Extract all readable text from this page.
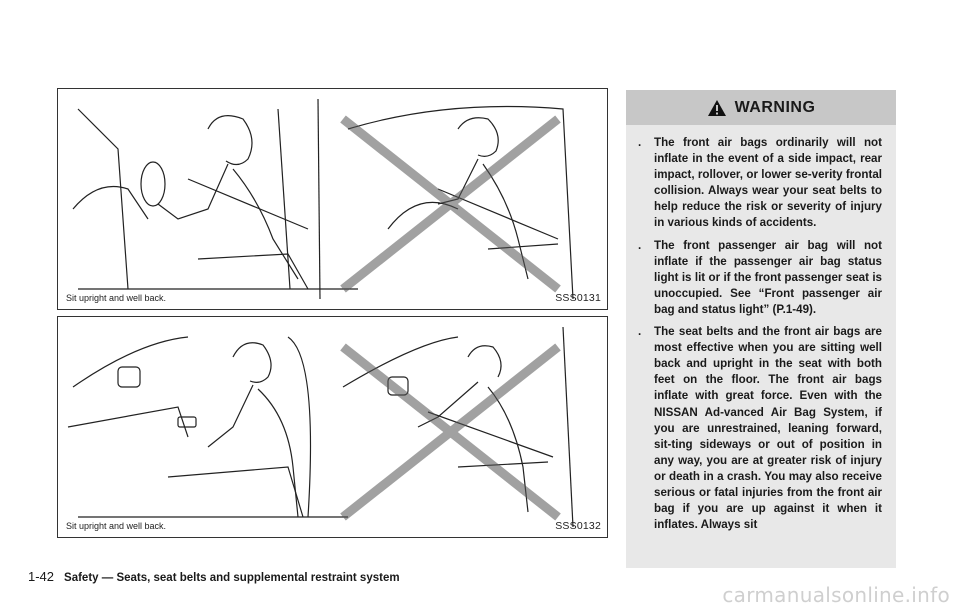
Sit upright and well back.	SSS0131
Sit upright and well back.	SSS0132
WARNING
. The front air bags ordinarily will not inflate in the event of a side impact, rear impact, rollover, or lower se-verity frontal collision. Always wear your seat belts to help reduce the risk or severity of injury in various kinds of accidents.
. The front passenger air bag will not inflate if the passenger air bag status light is lit or if the front passenger seat is unoccupied. See “Front passenger air bag and status light” (P.1-49).
. The seat belts and the front air bags are most effective when you are sitting well back and upright in the seat with both feet on the floor. The front air bags inflate with great force. Even with the NISSAN Ad-vanced Air Bag System, if you are unrestrained, leaning forward, sit-ting sideways or out of position in any way, you are at greater risk of injury or death in a crash. You may also receive serious or fatal injuries from the front air bag if you are up against it when it inflates. Always sit
1-42 Safety — Seats, seat belts and supplemental restraint system
carmanualsonline.info
